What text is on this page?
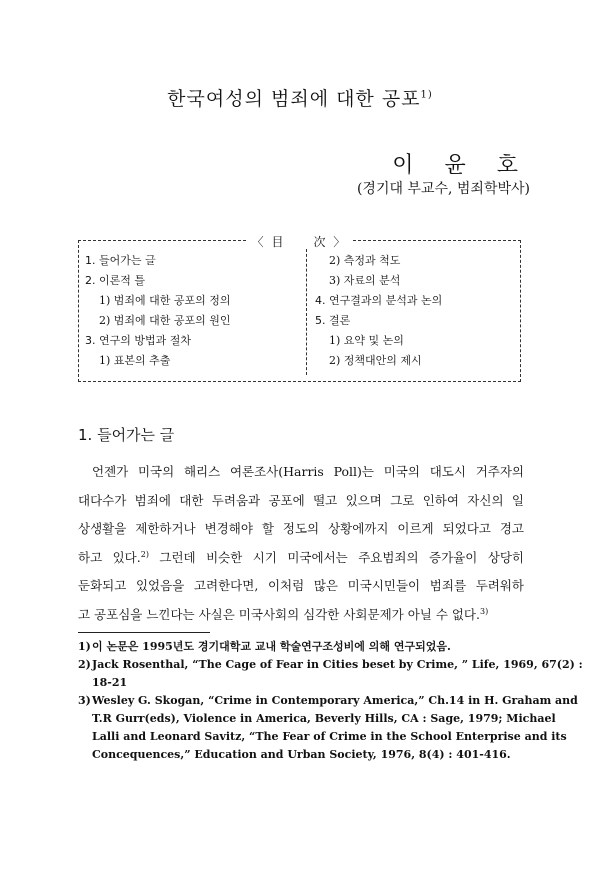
한국여성의 범죄에 대한 공포$^{1)}$
이 윤 호
(경기대 부교수, 범죄학박사)
〈 目　　次 〉
1. 들어가는 글
2. 이론적 틀
1) 범죄에 대한 공포의 정의
2) 범죄에 대한 공포의 원인
3. 연구의 방법과 절차
1) 표본의 추출
2) 측정과 척도
3) 자료의 분석
4. 연구결과의 분석과 논의
5. 결론
1) 요약 및 논의
2) 정책대안의 제시
1. 들어가는 글
언젠가 미국의 해리스 여론조사(Harris Poll)는 미국의 대도시 거주자의
대다수가 범죄에 대한 두려움과 공포에 떨고 있으며 그로 인하여 자신의 일
상생활을 제한하거나 변경해야 할 정도의 상황에까지 이르게 되었다고 경고
하고 있다.$^{2)}$ 그런데 비슷한 시기 미국에서는 주요범죄의 증가율이 상당히
둔화되고 있었음을 고려한다면, 이처럼 많은 미국시민들이 범죄를 두려워하
고 공포심을 느낀다는 사실은 미국사회의 심각한 사회문제가 아닐 수 없다.$^{3)}$
1) 이 논문은 1995년도 경기대학교 교내 학술연구조성비에 의해 연구되었음.
2) Jack Rosenthal, “The Cage of Fear in Cities beset by Crime, ” Life, 1969, 67(2) :
18-21
3) Wesley G. Skogan, “Crime in Contemporary America,” Ch.14 in H. Graham and
T.R Gurr(eds), Violence in America, Beverly Hills, CA : Sage, 1979; Michael
Lalli and Leonard Savitz, “The Fear of Crime in the School Enterprise and its
Concequences,” Education and Urban Society, 1976, 8(4) : 401-416.
